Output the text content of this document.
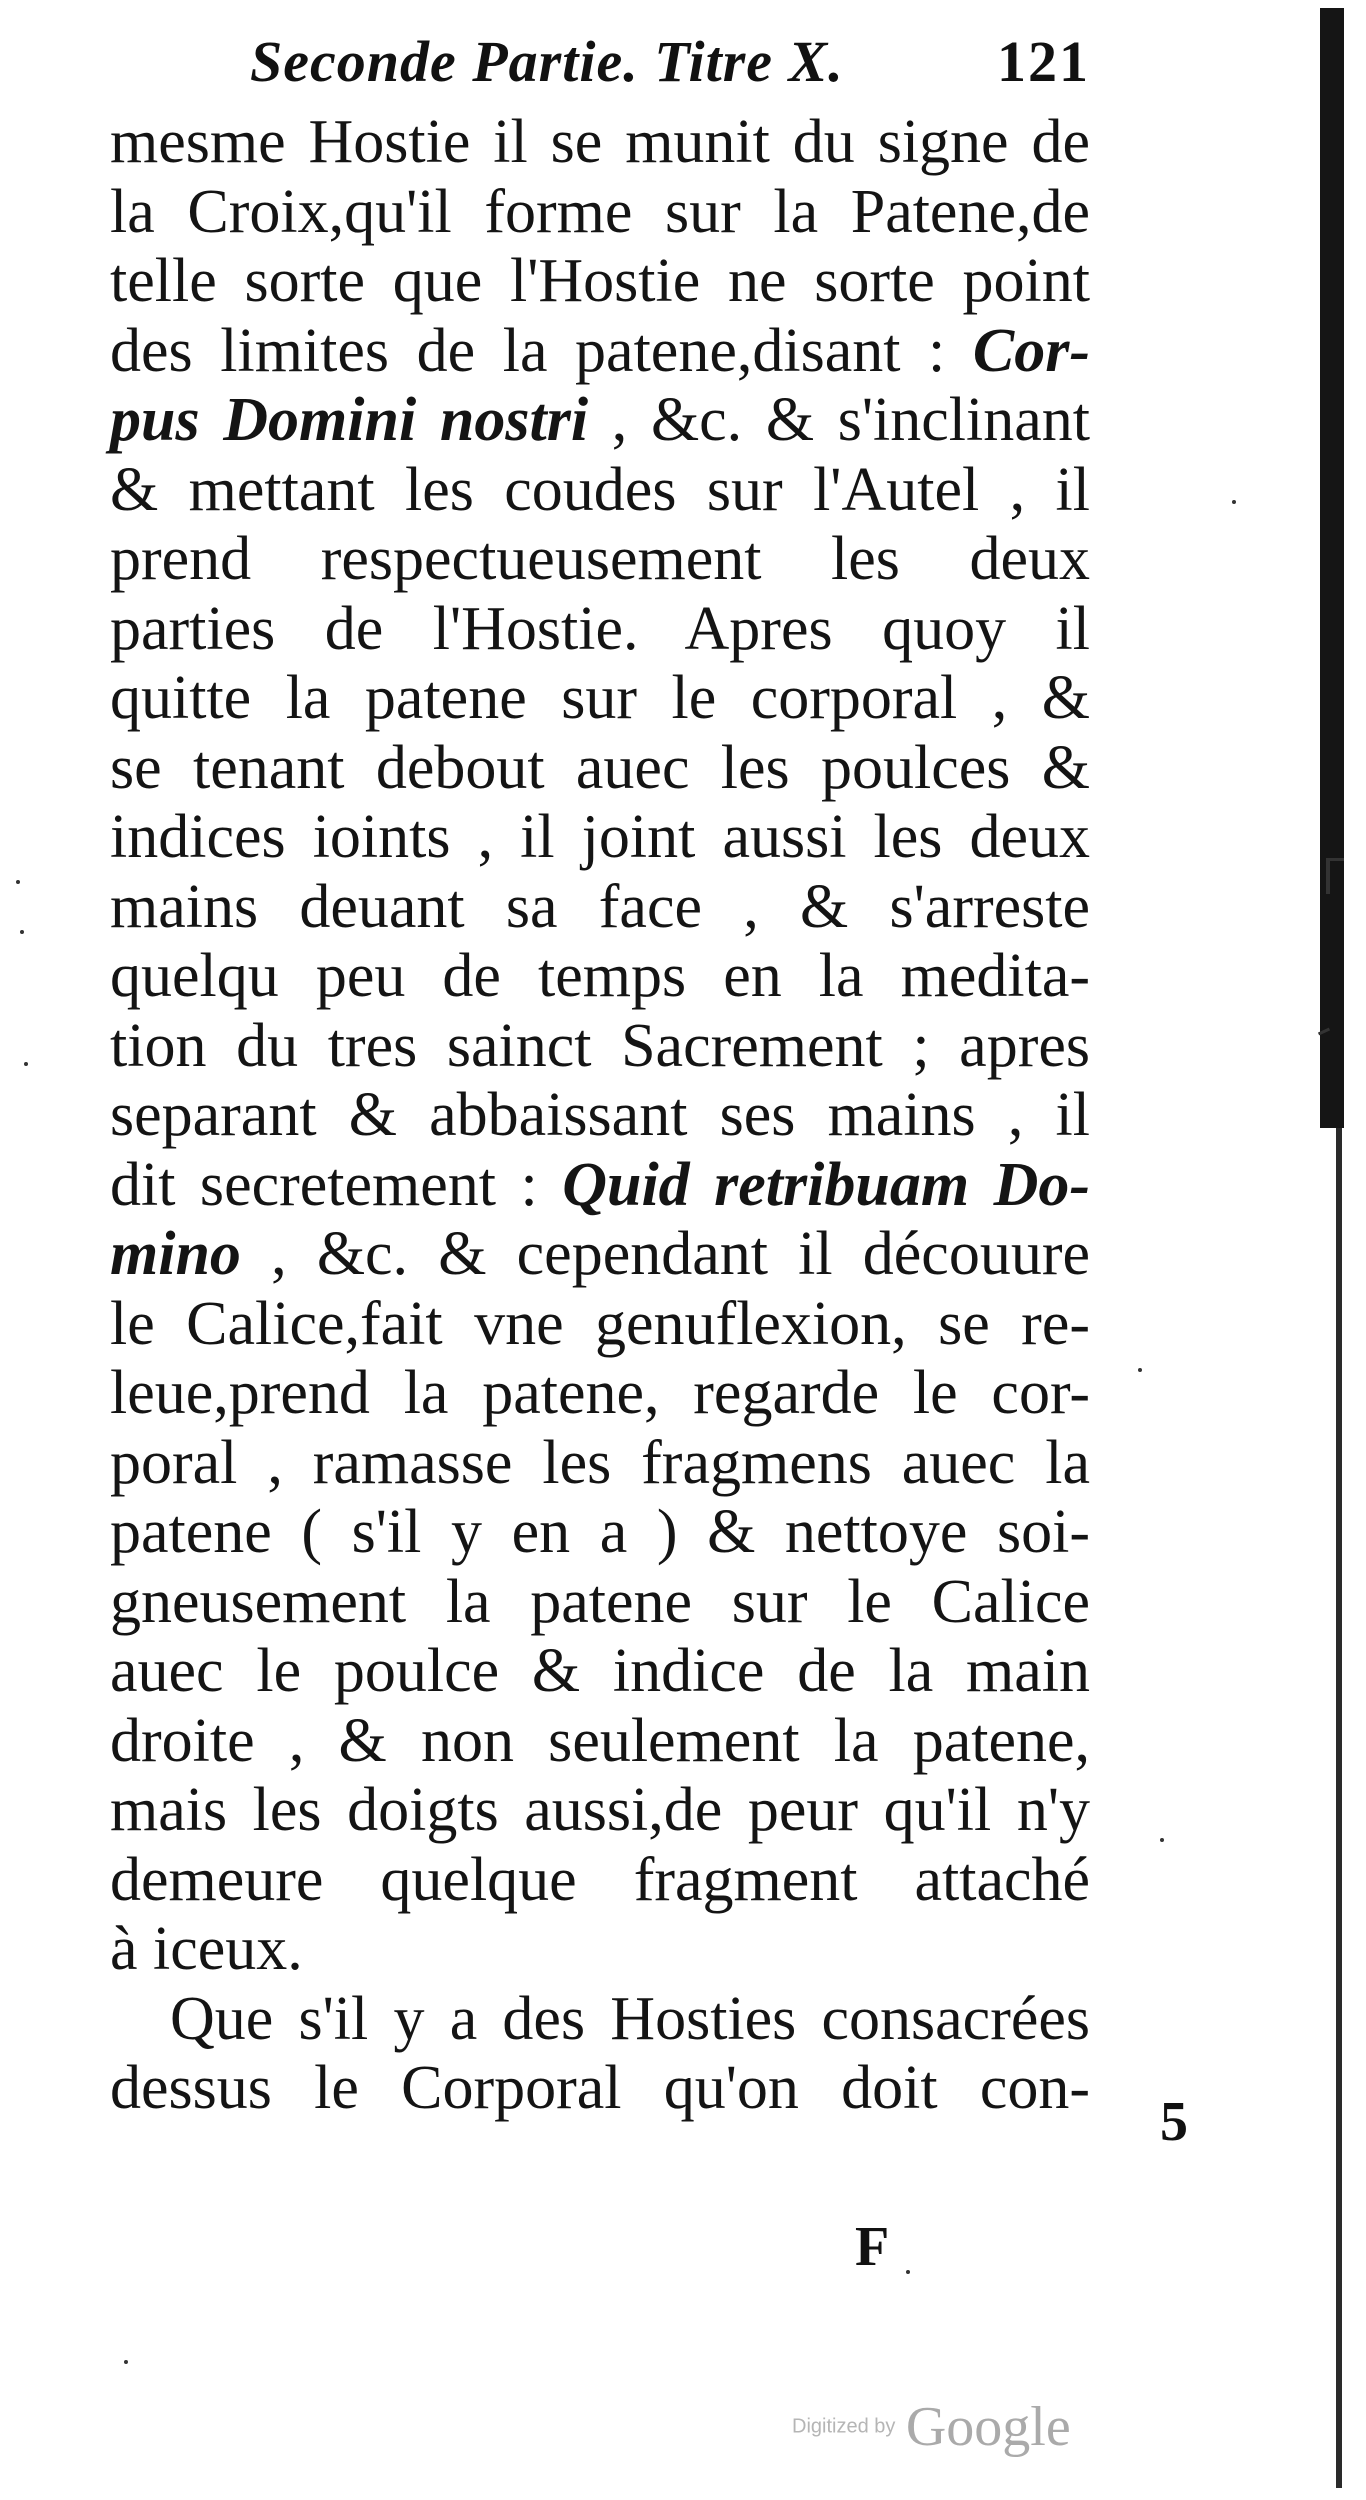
Seconde Partie. Titre X.	121
mesme Hostie il se munit du signe de
la Croix,qu'il forme sur la Patene,de
telle sorte que l'Hostie ne sorte point
des limites de la patene,disant : Cor-
pus Domini nostri , &c. & s'inclinant
& mettant les coudes sur l'Autel , il
prend respectueusement les deux
parties de l'Hostie. Apres quoy il
quitte la patene sur le corporal , &
se tenant debout auec les poulces &
indices ioints , il joint aussi les deux
mains deuant sa face , & s'arreste
quelqu peu de temps en la medita-
tion du tres sainct Sacrement ; apres
separant & abbaissant ses mains , il
dit secretement : Quid retribuam Do-
mino , &c. & cependant il découure
le Calice,fait vne genuflexion, se re-
leue,prend la patene, regarde le cor-
poral , ramasse les fragmens auec la
patene ( s'il y en a ) & nettoye soi-
gneusement la patene sur le Calice
auec le poulce & indice de la main
droite , & non seulement la patene,
mais les doigts aussi,de peur qu'il n'y
demeure quelque fragment attaché
à iceux.
Que s'il y a des Hosties consacrées
dessus le Corporal qu'on doit con- 5
F
Digitized by Google
